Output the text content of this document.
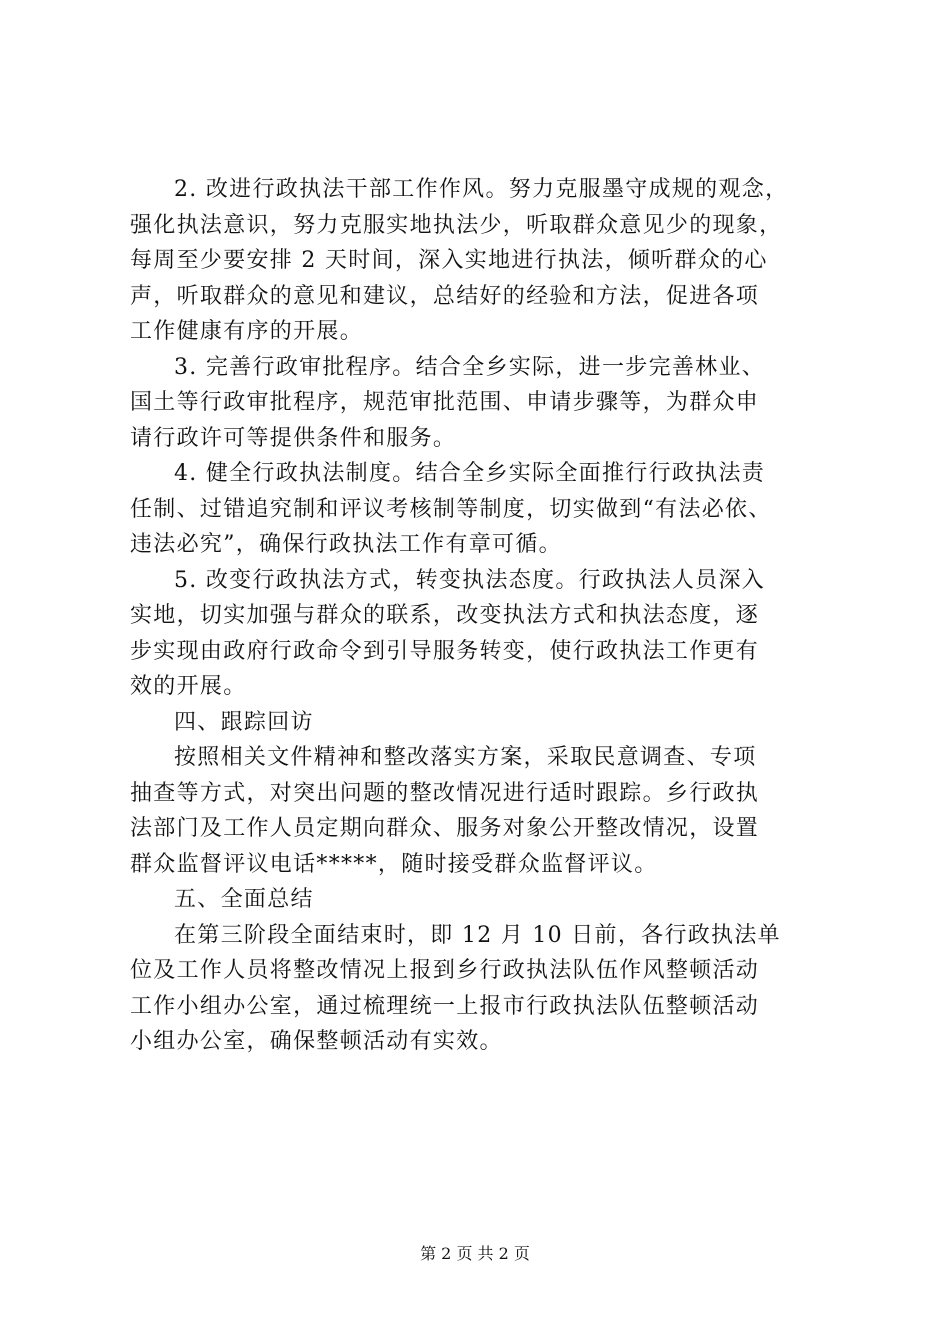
2. 改进行政执法干部工作作风。努力克服墨守成规的观念，
强化执法意识，努力克服实地执法少，听取群众意见少的现象，
每周至少要安排 2 天时间，深入实地进行执法，倾听群众的心
声，听取群众的意见和建议，总结好的经验和方法，促进各项
工作健康有序的开展。
3. 完善行政审批程序。结合全乡实际，进一步完善林业、
国土等行政审批程序，规范审批范围、申请步骤等，为群众申
请行政许可等提供条件和服务。
4. 健全行政执法制度。结合全乡实际全面推行行政执法责
任制、过错追究制和评议考核制等制度，切实做到“有法必依、
违法必究”，确保行政执法工作有章可循。
5. 改变行政执法方式，转变执法态度。行政执法人员深入
实地，切实加强与群众的联系，改变执法方式和执法态度，逐
步实现由政府行政命令到引导服务转变，使行政执法工作更有
效的开展。
四、跟踪回访
按照相关文件精神和整改落实方案，采取民意调查、专项
抽查等方式，对突出问题的整改情况进行适时跟踪。乡行政执
法部门及工作人员定期向群众、服务对象公开整改情况，设置
群众监督评议电话*****，随时接受群众监督评议。
五、全面总结
在第三阶段全面结束时，即 12 月 10 日前，各行政执法单
位及工作人员将整改情况上报到乡行政执法队伍作风整顿活动
工作小组办公室，通过梳理统一上报市行政执法队伍整顿活动
小组办公室，确保整顿活动有实效。
第 2 页 共 2 页
